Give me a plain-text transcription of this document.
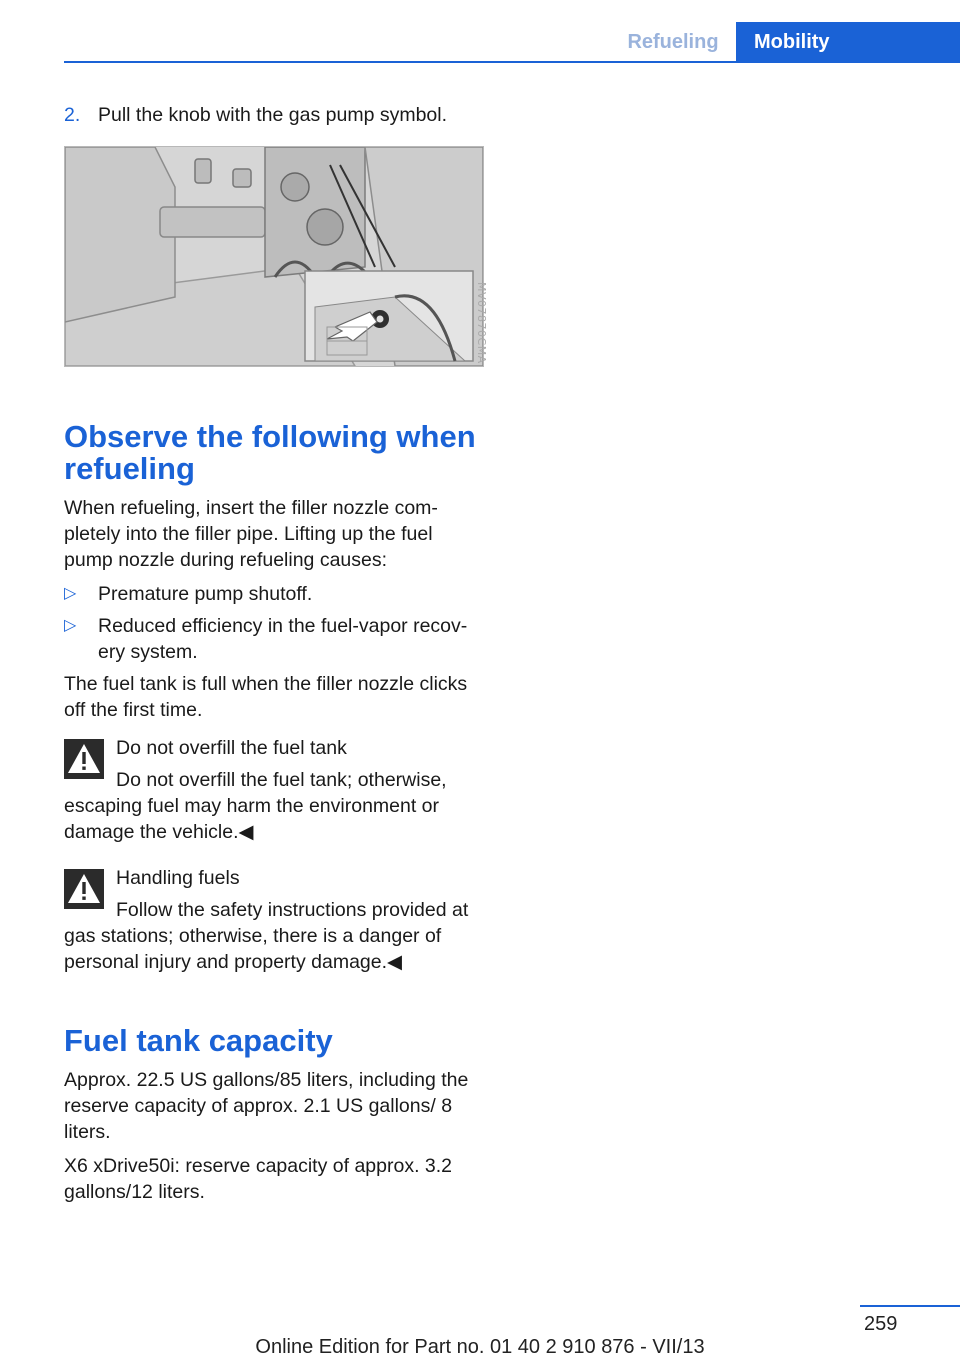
Refueling	Mobility
2. Pull the knob with the gas pump symbol.
Observe the following when refueling

When refueling, insert the filler nozzle completely into the filler pipe. Lifting up the fuel pump nozzle during refueling causes:

▷	Premature pump shutoff.
▷	Reduced efficiency in the fuel-vapor recovery system.

The fuel tank is full when the filler nozzle clicks off the first time.

Do not overfill the fuel tank

Do not overfill the fuel tank; otherwise, escaping fuel may harm the environment or damage the vehicle.◀

Handling fuels

Follow the safety instructions provided at gas stations; otherwise, there is a danger of personal injury and property damage.◀

Fuel tank capacity

Approx. 22.5 US gallons/85 liters, including the reserve capacity of approx. 2.1 US gallons/ 8 liters.

X6 xDrive50i: reserve capacity of approx. 3.2 gallons/12 liters.

MV07870CMA
259
Online Edition for Part no. 01 40 2 910 876 - VII/13
